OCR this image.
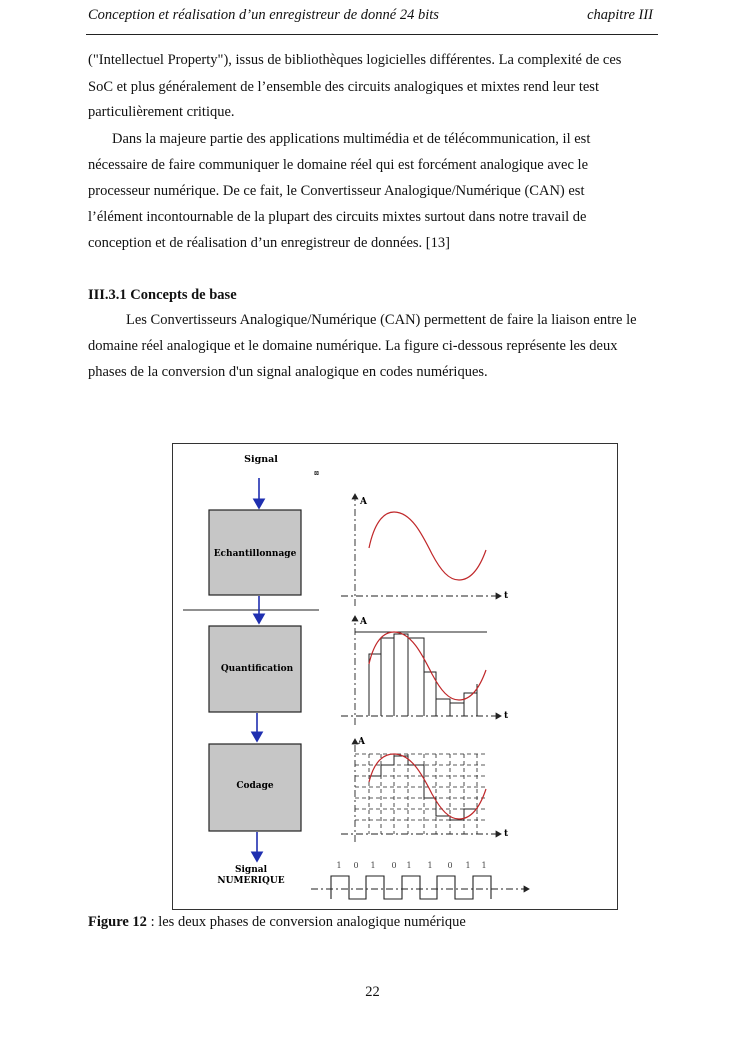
Conception et réalisation d’un enregistreur de donné 24 bits	chapitre III
("Intellectuel Property"), issus de bibliothèques logicielles différentes. La complexité de ces
SoC et plus généralement de l’ensemble des circuits analogiques et mixtes rend leur test
particulièrement critique.
Dans la majeure partie des applications multimédia et de télécommunication, il est
nécessaire de faire communiquer le domaine réel qui est forcément analogique avec le
processeur numérique. De ce fait, le Convertisseur Analogique/Numérique (CAN) est
l’élément incontournable de la plupart des circuits mixtes surtout dans notre travail de
conception et de réalisation d’un enregistreur de données. [13]
III.3.1 Concepts de base
Les Convertisseurs Analogique/Numérique (CAN) permettent de faire la liaison entre le
domaine réel analogique et le domaine numérique. La figure ci-dessous représente les deux
phases de la conversion d'un signal analogique en codes numériques.
Signal
⊠
Echantillonnage
Quantification
Codage
Signal
NUMERIQUE
A
t
A
t
A
t
1 0 1 0 1 1 0 1 1
Figure 12 : les deux phases de conversion analogique numérique
22
